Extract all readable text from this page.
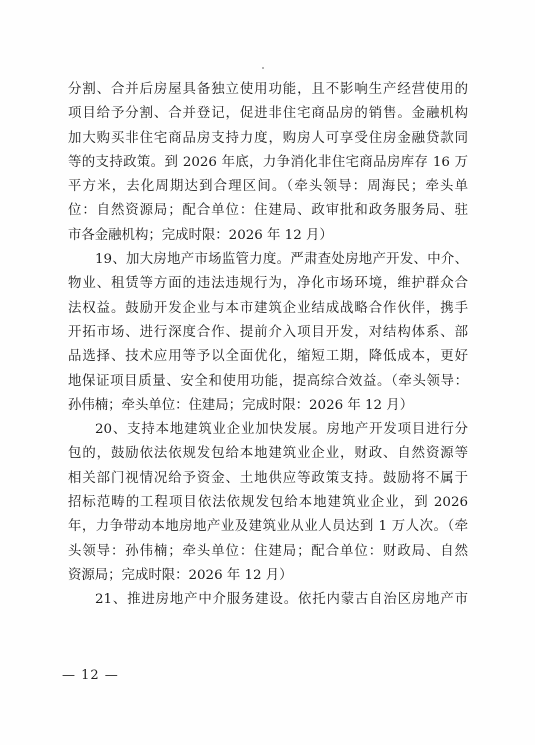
分割、合并后房屋具备独立使用功能，且不影响生产经营使用的
项目给予分割、合并登记，促进非住宅商品房的销售。金融机构
加大购买非住宅商品房支持力度，购房人可享受住房金融贷款同
等的支持政策。到 2026 年底，力争消化非住宅商品房库存 16 万
平方米，去化周期达到合理区间。（牵头领导：周海民；牵头单
位：自然资源局；配合单位：住建局、政审批和政务服务局、驻
市各金融机构；完成时限：2026 年 12 月）
19、加大房地产市场监管力度。严肃查处房地产开发、中介、
物业、租赁等方面的违法违规行为，净化市场环境，维护群众合
法权益。鼓励开发企业与本市建筑企业结成战略合作伙伴，携手
开拓市场、进行深度合作、提前介入项目开发，对结构体系、部
品选择、技术应用等予以全面优化，缩短工期，降低成本，更好
地保证项目质量、安全和使用功能，提高综合效益。（牵头领导：
孙伟楠；牵头单位：住建局；完成时限：2026 年 12 月）
20、支持本地建筑业企业加快发展。房地产开发项目进行分
包的，鼓励依法依规发包给本地建筑业企业，财政、自然资源等
相关部门视情况给予资金、土地供应等政策支持。鼓励将不属于
招标范畴的工程项目依法依规发包给本地建筑业企业，到 2026
年，力争带动本地房地产业及建筑业从业人员达到 1 万人次。（牵
头领导：孙伟楠；牵头单位：住建局；配合单位：财政局、自然
资源局；完成时限：2026 年 12 月）
21、推进房地产中介服务建设。依托内蒙古自治区房地产市
— 12 —
